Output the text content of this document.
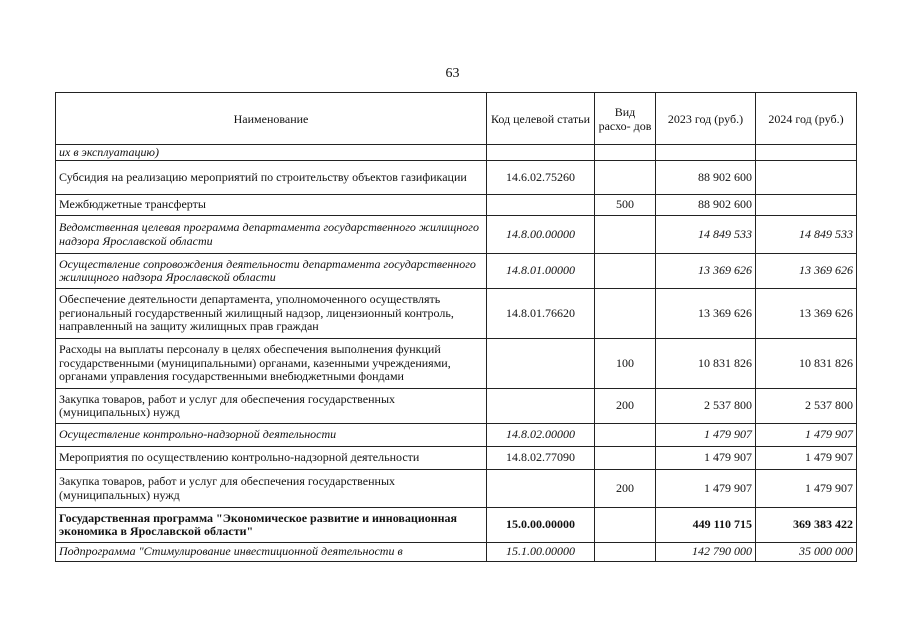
63
Наименование	Код целевой статьи	Вид расхо- дов	2023 год (руб.)	2024 год (руб.)
их в эксплуатацию)				
Субсидия на реализацию мероприятий по строительству объектов газификации	14.6.02.75260		88 902 600	
Межбюджетные трансферты		500	88 902 600	
Ведомственная целевая программа департамента государственного жилищного надзора Ярославской области	14.8.00.00000		14 849 533	14 849 533
Осуществление сопровождения деятельности департамента государственного жилищного надзора Ярославской области	14.8.01.00000		13 369 626	13 369 626
Обеспечение деятельности департамента, уполномоченного осуществлять региональный государственный жилищный надзор, лицензионный контроль, направленный на защиту жилищных прав граждан	14.8.01.76620		13 369 626	13 369 626
Расходы на выплаты персоналу в целях обеспечения выполнения функций государственными (муниципальными) органами, казенными учреждениями, органами управления государственными внебюджетными фондами		100	10 831 826	10 831 826
Закупка товаров, работ и услуг для обеспечения государственных (муниципальных) нужд		200	2 537 800	2 537 800
Осуществление контрольно-надзорной деятельности	14.8.02.00000		1 479 907	1 479 907
Мероприятия по осуществлению контрольно-надзорной деятельности	14.8.02.77090		1 479 907	1 479 907
Закупка товаров, работ и услуг для обеспечения государственных (муниципальных) нужд		200	1 479 907	1 479 907
Государственная программа "Экономическое развитие и инновационная экономика в Ярославской области"	15.0.00.00000		449 110 715	369 383 422
Подпрограмма "Стимулирование инвестиционной деятельности в	15.1.00.00000		142 790 000	35 000 000
